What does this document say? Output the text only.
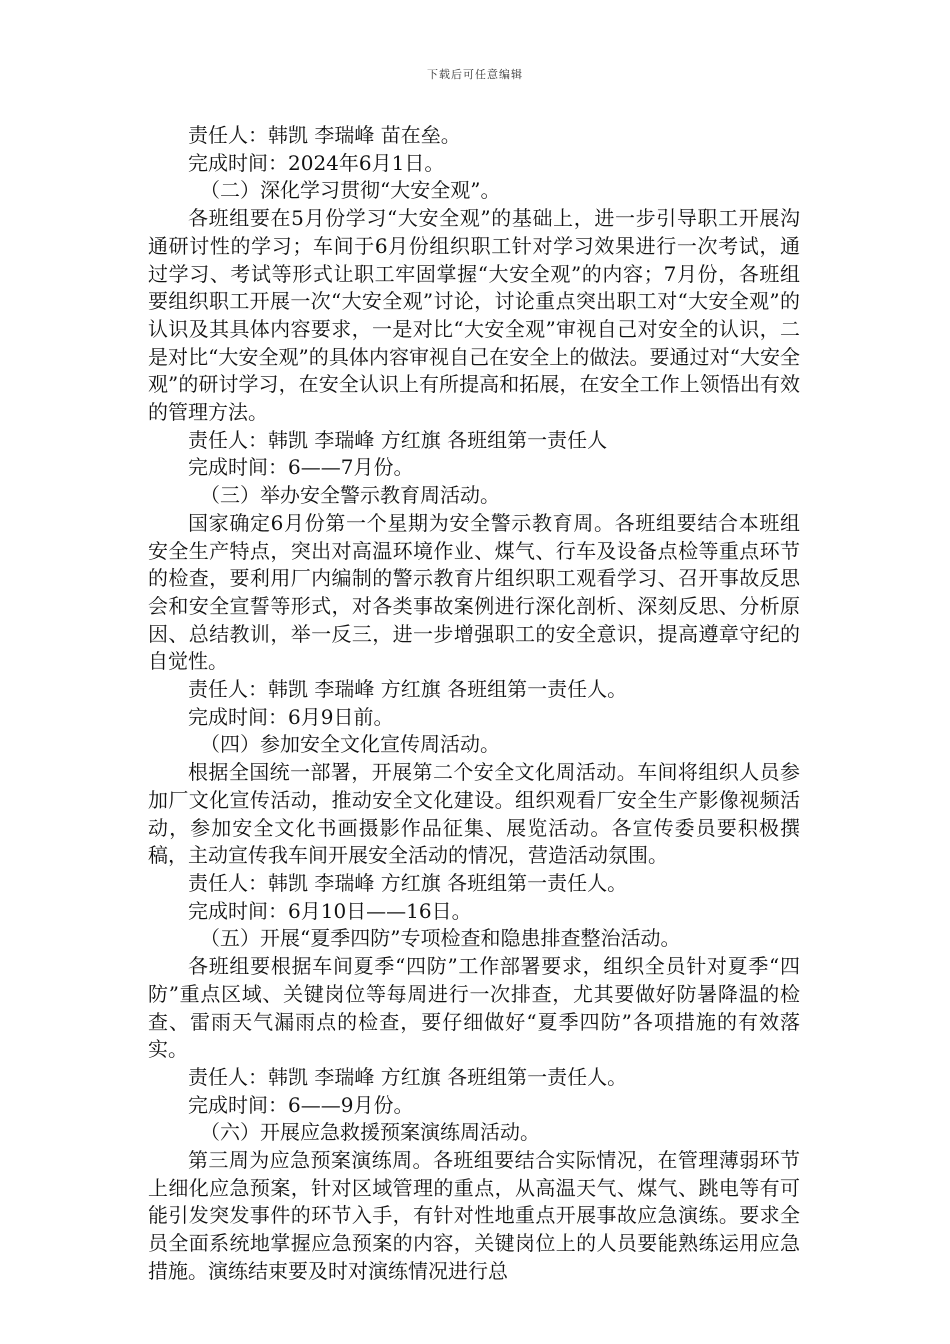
下载后可任意编辑

责任人：韩凯 李瑞峰 苗在垒。

完成时间：2024年6月1日。

（二）深化学习贯彻“大安全观”。

各班组要在5月份学习“大安全观”的基础上，进一步引导职工开展沟通研讨性的学习；车间于6月份组织职工针对学习效果进行一次考试，通过学习、考试等形式让职工牢固掌握“大安全观”的内容；7月份，各班组要组织职工开展一次“大安全观”讨论，讨论重点突出职工对“大安全观”的认识及其具体内容要求，一是对比“大安全观”审视自己对安全的认识，二是对比“大安全观”的具体内容审视自己在安全上的做法。要通过对“大安全观”的研讨学习，在安全认识上有所提高和拓展，在安全工作上领悟出有效的管理方法。

责任人：韩凯 李瑞峰 方红旗 各班组第一责任人

完成时间：6——7月份。

（三）举办安全警示教育周活动。

国家确定6月份第一个星期为安全警示教育周。各班组要结合本班组安全生产特点，突出对高温环境作业、煤气、行车及设备点检等重点环节的检查，要利用厂内编制的警示教育片组织职工观看学习、召开事故反思会和安全宣誓等形式，对各类事故案例进行深化剖析、深刻反思、分析原因、总结教训，举一反三，进一步增强职工的安全意识，提高遵章守纪的自觉性。

责任人：韩凯 李瑞峰 方红旗 各班组第一责任人。

完成时间：6月9日前。

（四）参加安全文化宣传周活动。

根据全国统一部署，开展第二个安全文化周活动。车间将组织人员参加厂文化宣传活动，推动安全文化建设。组织观看厂安全生产影像视频活动，参加安全文化书画摄影作品征集、展览活动。各宣传委员要积极撰稿，主动宣传我车间开展安全活动的情况，营造活动氛围。

责任人：韩凯 李瑞峰 方红旗 各班组第一责任人。

完成时间：6月10日——16日。

（五）开展“夏季四防”专项检查和隐患排查整治活动。

各班组要根据车间夏季“四防”工作部署要求，组织全员针对夏季“四防”重点区域、关键岗位等每周进行一次排查，尤其要做好防暑降温的检查、雷雨天气漏雨点的检查，要仔细做好“夏季四防”各项措施的有效落实。

责任人：韩凯 李瑞峰 方红旗 各班组第一责任人。

完成时间：6——9月份。

（六）开展应急救援预案演练周活动。

第三周为应急预案演练周。各班组要结合实际情况，在管理薄弱环节上细化应急预案，针对区域管理的重点，从高温天气、煤气、跳电等有可能引发突发事件的环节入手，有针对性地重点开展事故应急演练。要求全员全面系统地掌握应急预案的内容，关键岗位上的人员要能熟练运用应急措施。演练结束要及时对演练情况进行总
